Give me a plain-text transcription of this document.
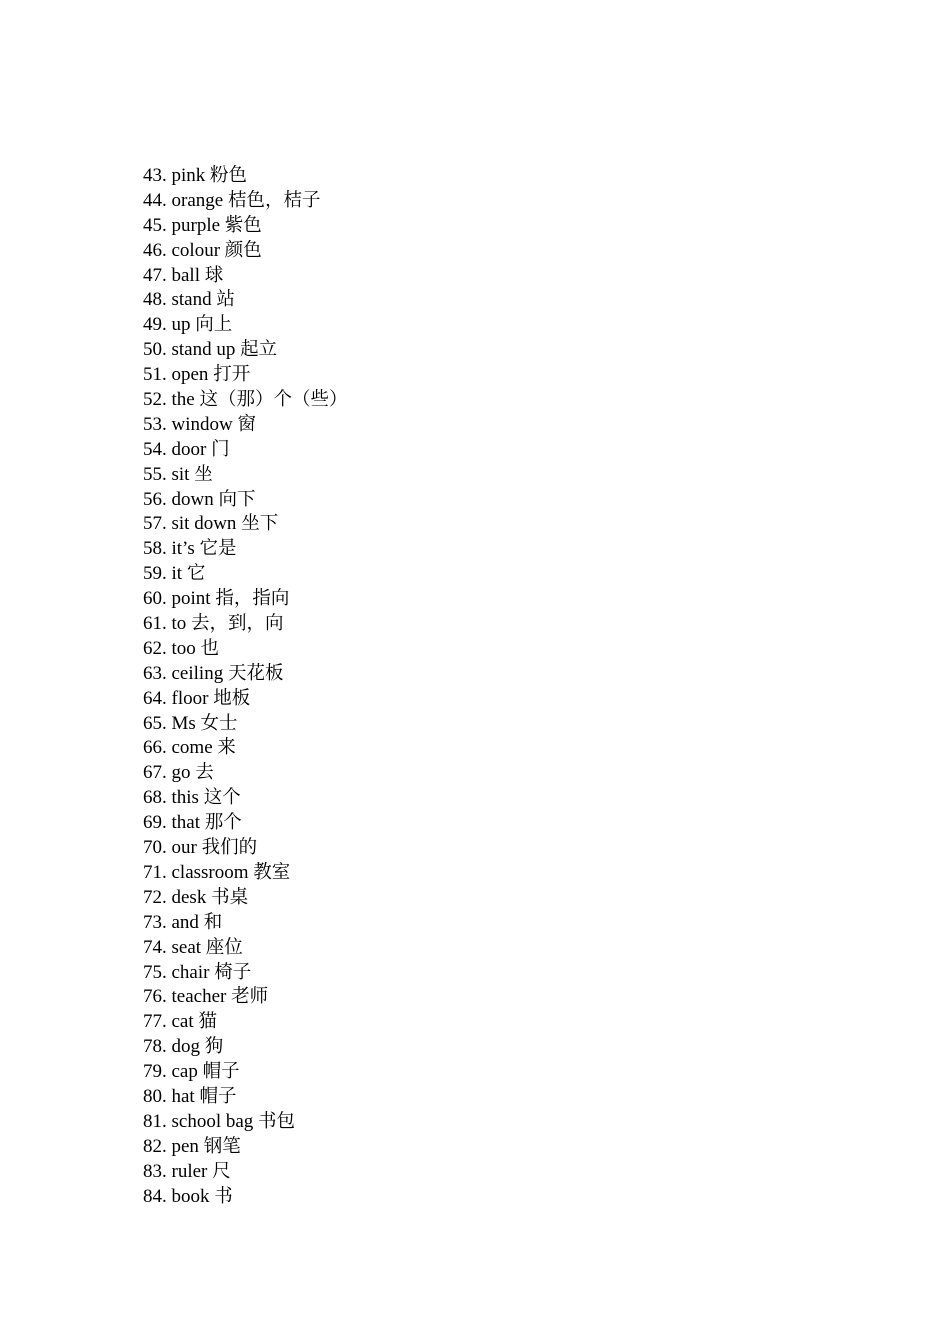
43. pink 粉色
44. orange 桔色，桔子
45. purple 紫色
46. colour 颜色
47. ball 球
48. stand 站
49. up 向上
50. stand up 起立
51. open 打开
52. the 这（那）个（些）
53. window 窗
54. door 门
55. sit 坐
56. down 向下
57. sit down 坐下
58. it’s 它是
59. it 它
60. point 指，指向
61. to 去，到，向
62. too 也
63. ceiling 天花板
64. floor 地板
65. Ms 女士
66. come 来
67. go 去
68. this 这个
69. that 那个
70. our 我们的
71. classroom 教室
72. desk 书桌
73. and 和
74. seat 座位
75. chair 椅子
76. teacher 老师
77. cat 猫
78. dog 狗
79. cap 帽子
80. hat 帽子
81. school bag 书包
82. pen 钢笔
83. ruler 尺
84. book 书
